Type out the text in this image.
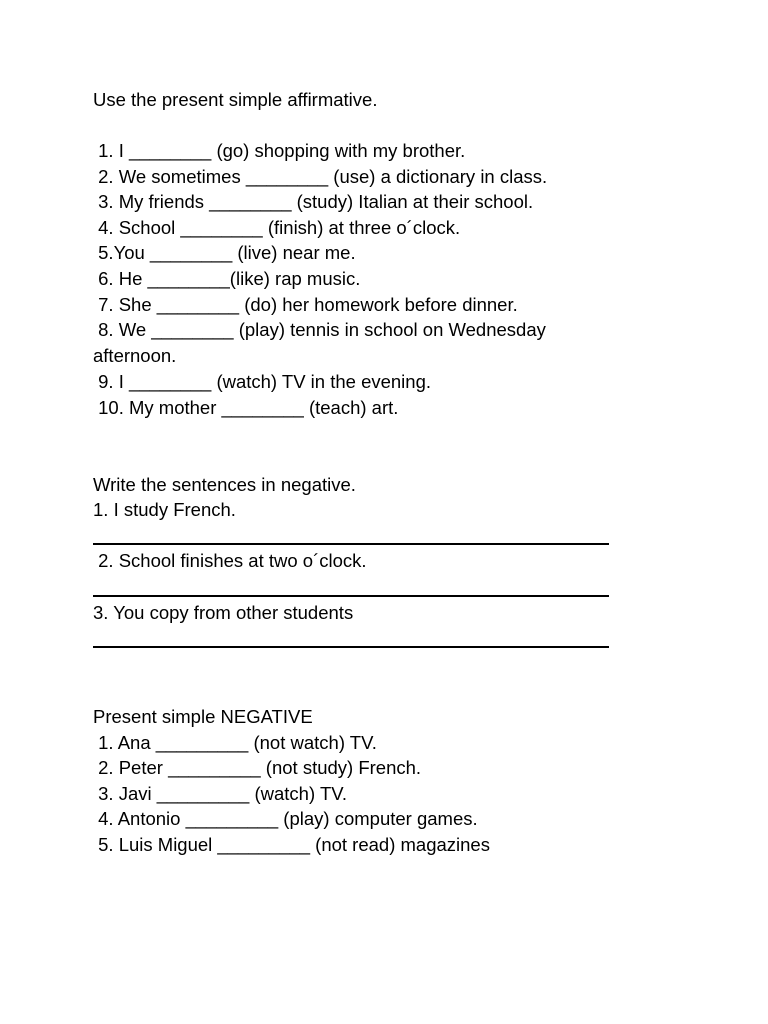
Use the present simple affirmative.
1. I ________ (go) shopping with my brother.
2. We sometimes ________ (use) a dictionary in class.
3. My friends ________ (study) Italian at their school.
4. School ________ (finish) at three o´clock.
5.You ________ (live) near me.
6. He ________(like) rap music.
7. She ________ (do) her homework before dinner.
8. We ________ (play) tennis in school on Wednesday
afternoon.
9. I ________ (watch) TV in the evening.
10. My mother ________ (teach) art.
Write the sentences in negative.
1. I study French.
2. School finishes at two o´clock.
3. You copy from other students
Present simple NEGATIVE
1. Ana _________ (not watch) TV.
2. Peter _________ (not study) French.
3. Javi _________ (watch) TV.
4. Antonio _________ (play) computer games.
5. Luis Miguel _________ (not read) magazines
